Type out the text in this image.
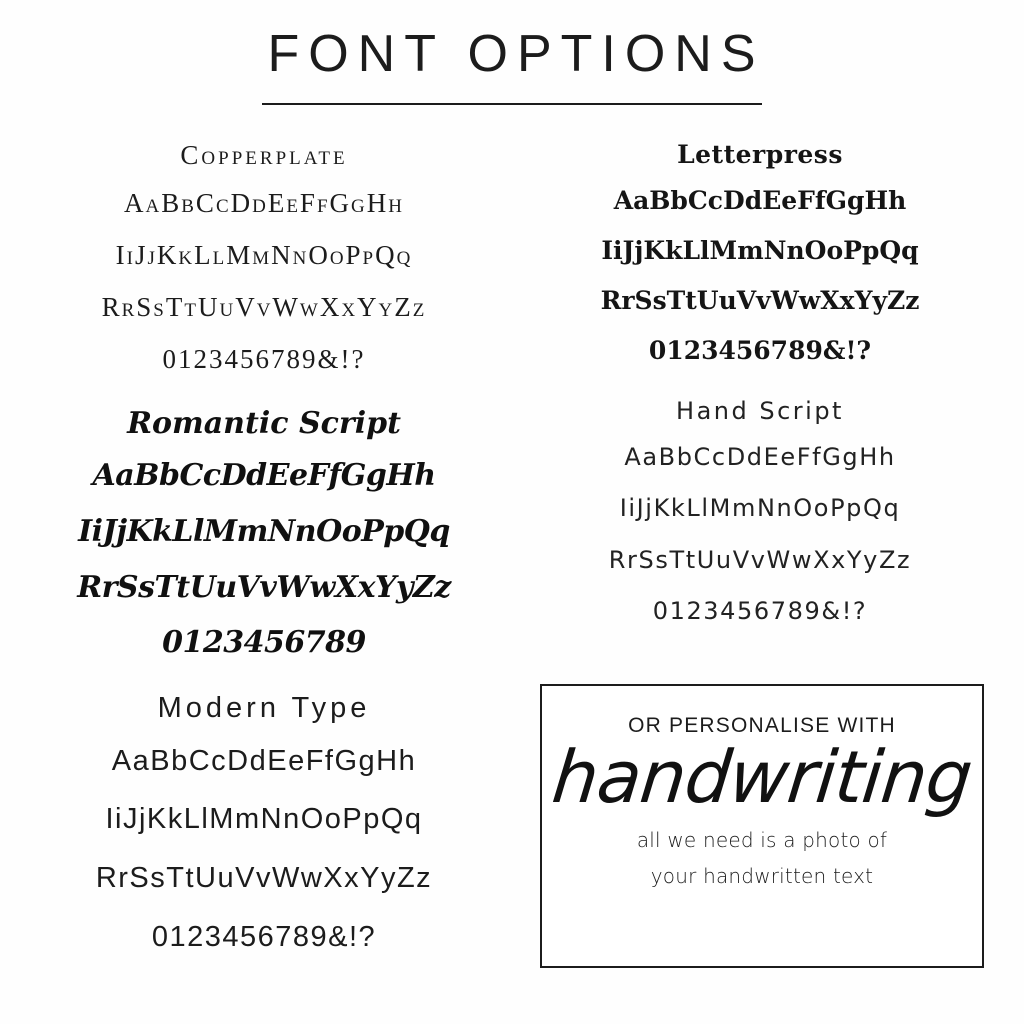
FONT OPTIONS
Copperplate
AaBbCcDdEeFfGgHh
IiJjKkLlMmNnOoPpQq
RrSsTtUuVvWwXxYyZz
0123456789&!?
Romantic Script
AaBbCcDdEeFfGgHh
IiJjKkLlMmNnOoPpQq
RrSsTtUuVvWwXxYyZz
0123456789
Modern Type
AaBbCcDdEeFfGgHh
IiJjKkLlMmNnOoPpQq
RrSsTtUuVvWwXxYyZz
0123456789&!?
Letterpress
AaBbCcDdEeFfGgHh
IiJjKkLlMmNnOoPpQq
RrSsTtUuVvWwXxYyZz
0123456789&!?
Hand Script
AaBbCcDdEeFfGgHh
IiJjKkLlMmNnOoPpQq
RrSsTtUuVvWwXxYyZz
0123456789&!?
OR PERSONALISE WITH
handwriting
all we need is a photo of
your handwritten text
